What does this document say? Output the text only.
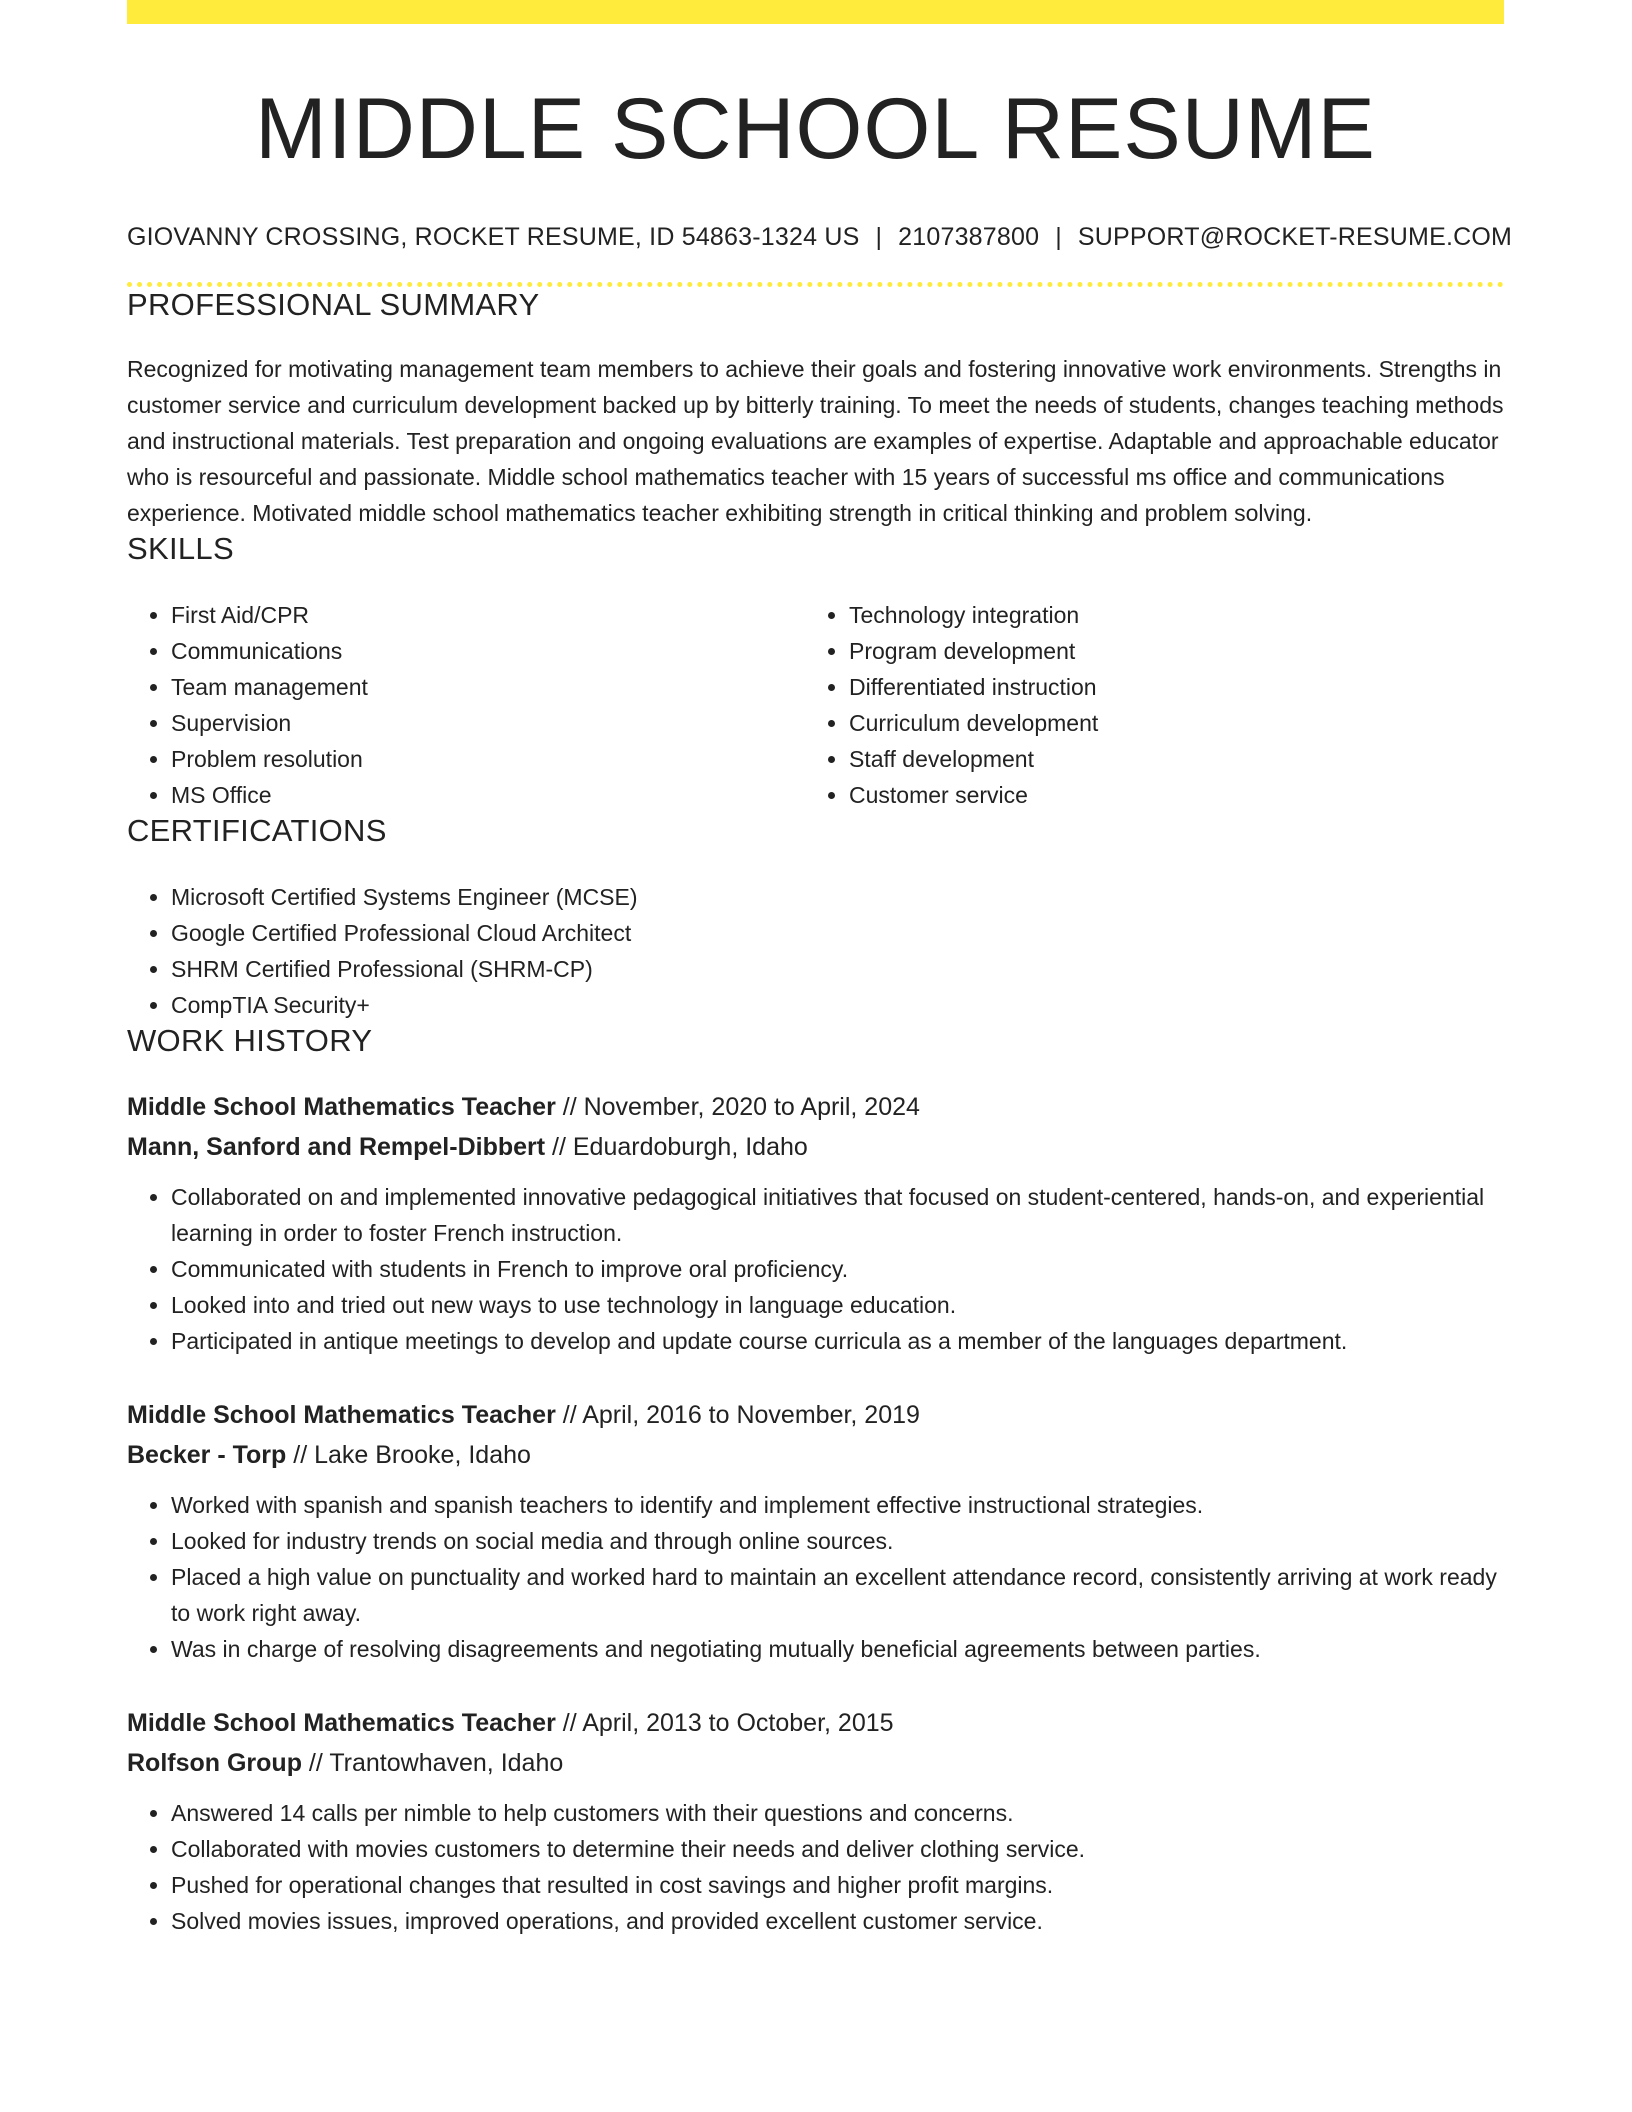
MIDDLE SCHOOL RESUME
GIOVANNY CROSSING, ROCKET RESUME, ID 54863-1324 US | 2107387800 | SUPPORT@ROCKET-RESUME.COM
PROFESSIONAL SUMMARY

Recognized for motivating management team members to achieve their goals and fostering innovative work environments. Strengths in customer service and curriculum development backed up by bitterly training. To meet the needs of students, changes teaching methods and instructional materials. Test preparation and ongoing evaluations are examples of expertise. Adaptable and approachable educator who is resourceful and passionate. Middle school mathematics teacher with 15 years of successful ms office and communications experience. Motivated middle school mathematics teacher exhibiting strength in critical thinking and problem solving.

SKILLS
• First Aid/CPR
• Communications
• Team management
• Supervision
• Problem resolution
• MS Office
• Technology integration
• Program development
• Differentiated instruction
• Curriculum development
• Staff development
• Customer service
CERTIFICATIONS
• Microsoft Certified Systems Engineer (MCSE)
• Google Certified Professional Cloud Architect
• SHRM Certified Professional (SHRM-CP)
• CompTIA Security+
WORK HISTORY
Middle School Mathematics Teacher // November, 2020 to April, 2024
Mann, Sanford and Rempel-Dibbert // Eduardoburgh, Idaho
• Collaborated on and implemented innovative pedagogical initiatives that focused on student-centered, hands-on, and experiential learning in order to foster French instruction.
• Communicated with students in French to improve oral proficiency.
• Looked into and tried out new ways to use technology in language education.
• Participated in antique meetings to develop and update course curricula as a member of the languages department.
Middle School Mathematics Teacher // April, 2016 to November, 2019
Becker - Torp // Lake Brooke, Idaho
• Worked with spanish and spanish teachers to identify and implement effective instructional strategies.
• Looked for industry trends on social media and through online sources.
• Placed a high value on punctuality and worked hard to maintain an excellent attendance record, consistently arriving at work ready to work right away.
• Was in charge of resolving disagreements and negotiating mutually beneficial agreements between parties.
Middle School Mathematics Teacher // April, 2013 to October, 2015
Rolfson Group // Trantowhaven, Idaho
• Answered 14 calls per nimble to help customers with their questions and concerns.
• Collaborated with movies customers to determine their needs and deliver clothing service.
• Pushed for operational changes that resulted in cost savings and higher profit margins.
• Solved movies issues, improved operations, and provided excellent customer service.
